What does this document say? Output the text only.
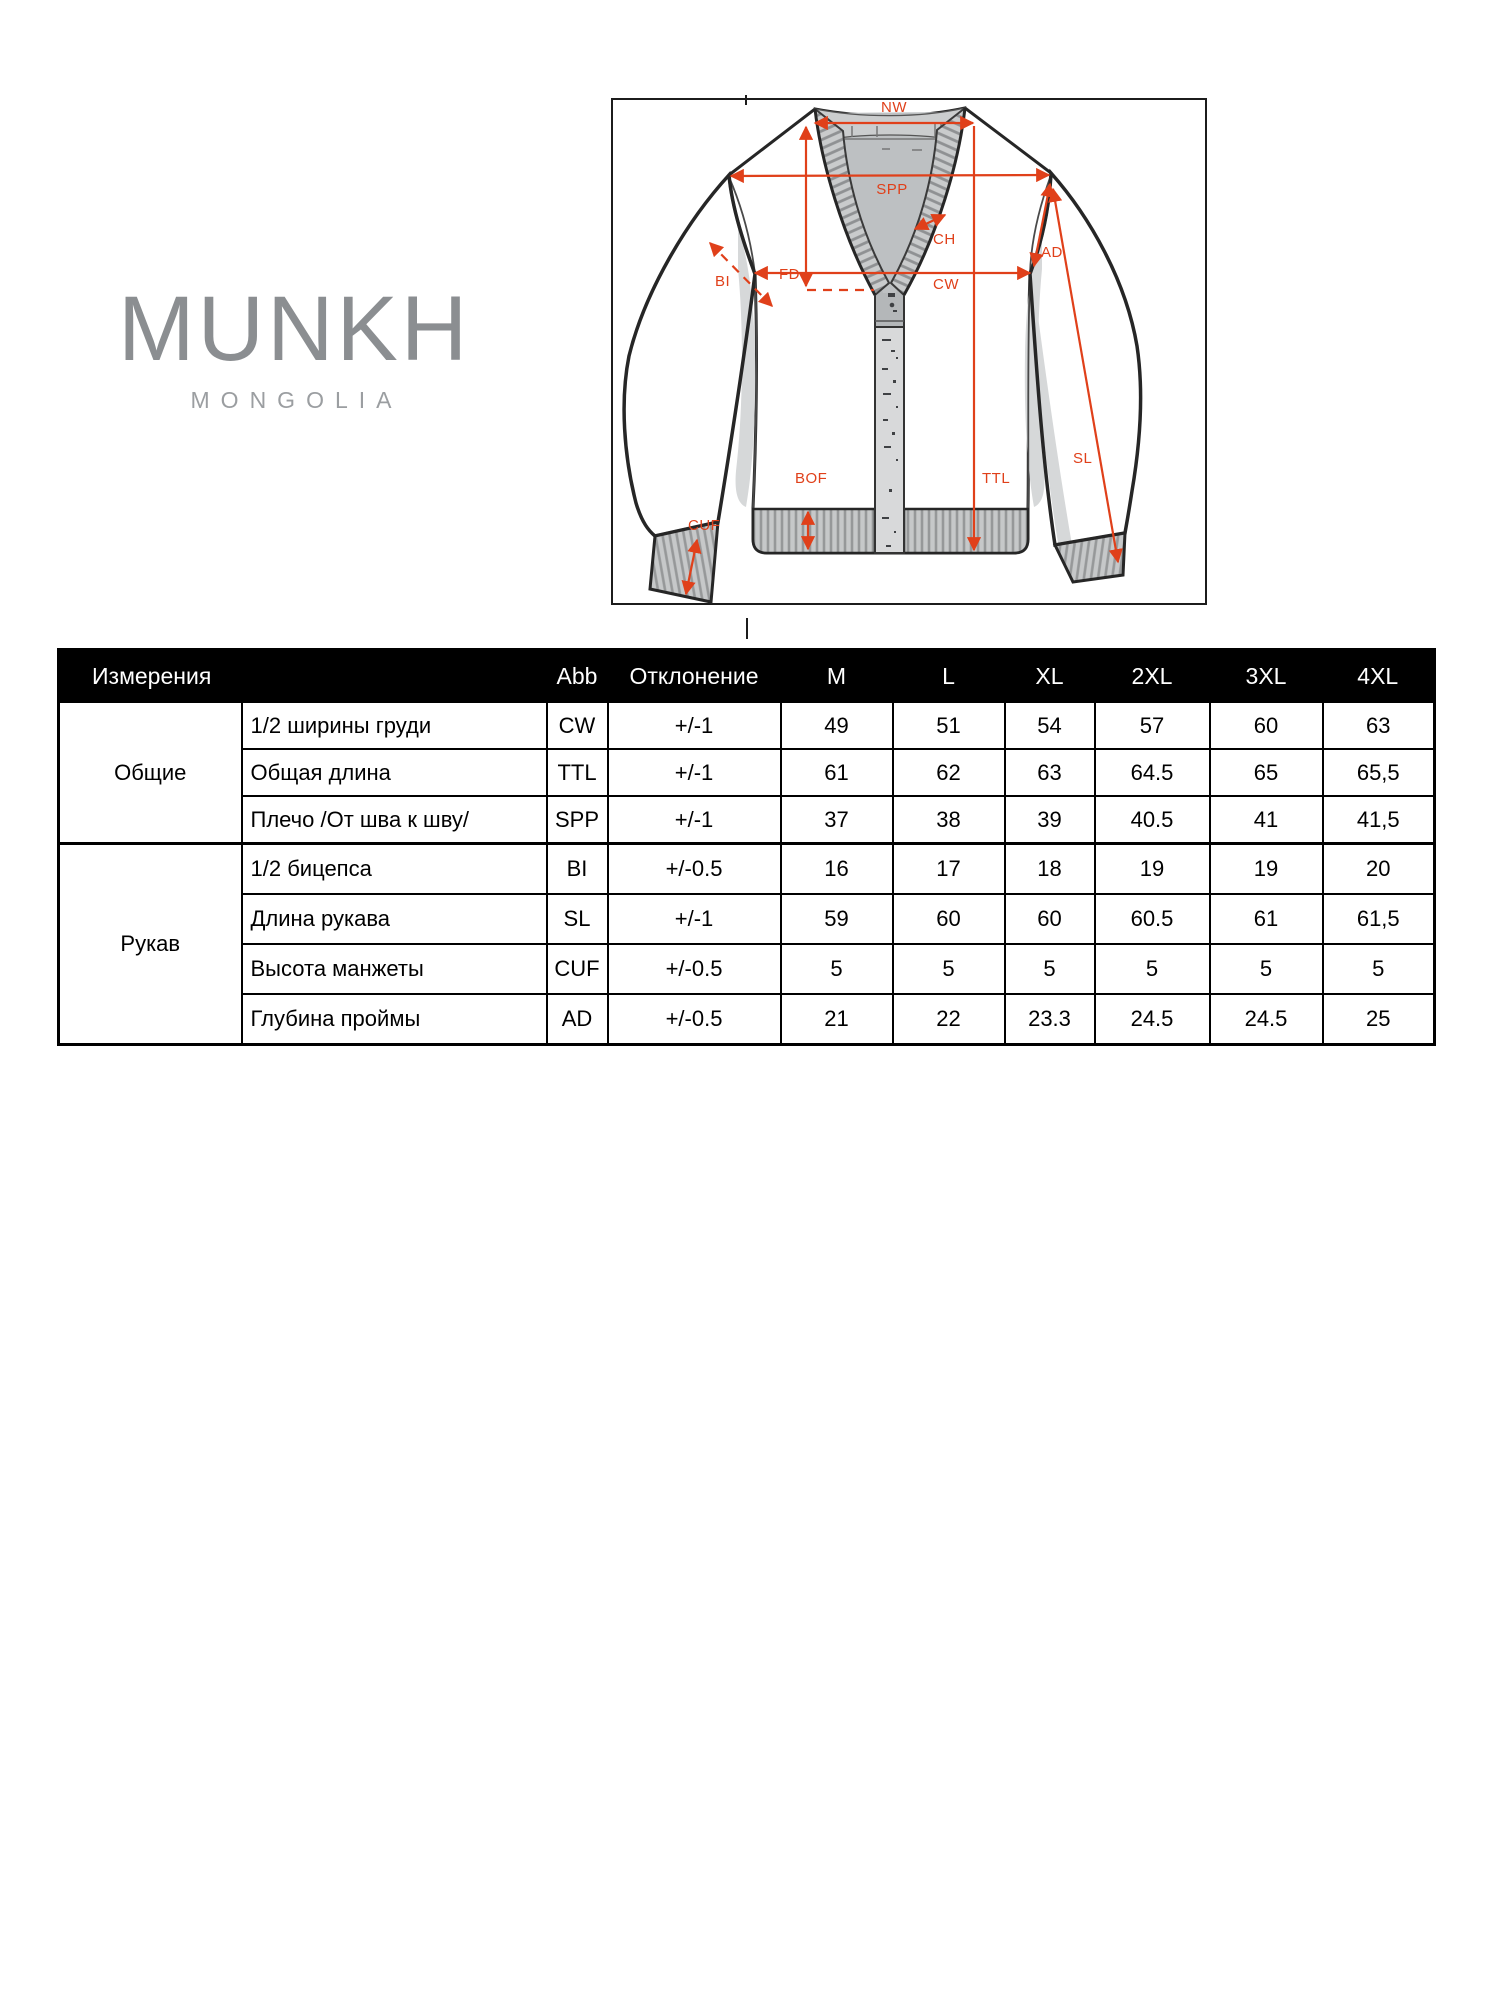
MUNKH
MONGOLIA
NW
SPP
FD
CH
BI	CW
AD
SL
TTL
BOF
CUF
Измерения		Abb	Отклонение	M	L	XL	2XL	3XL	4XL
Общие	1/2 ширины груди	CW	+/-1	49	51	54	57	60	63
	Общая длина	TTL	+/-1	61	62	63	64.5	65	65,5
	Плечо /От шва к шву/	SPP	+/-1	37	38	39	40.5	41	41,5
Рукав	1/2 бицепса	BI	+/-0.5	16	17	18	19	19	20
	Длина рукава	SL	+/-1	59	60	60	60.5	61	61,5
	Высота манжеты	CUF	+/-0.5	5	5	5	5	5	5
	Глубина проймы	AD	+/-0.5	21	22	23.3	24.5	24.5	25
